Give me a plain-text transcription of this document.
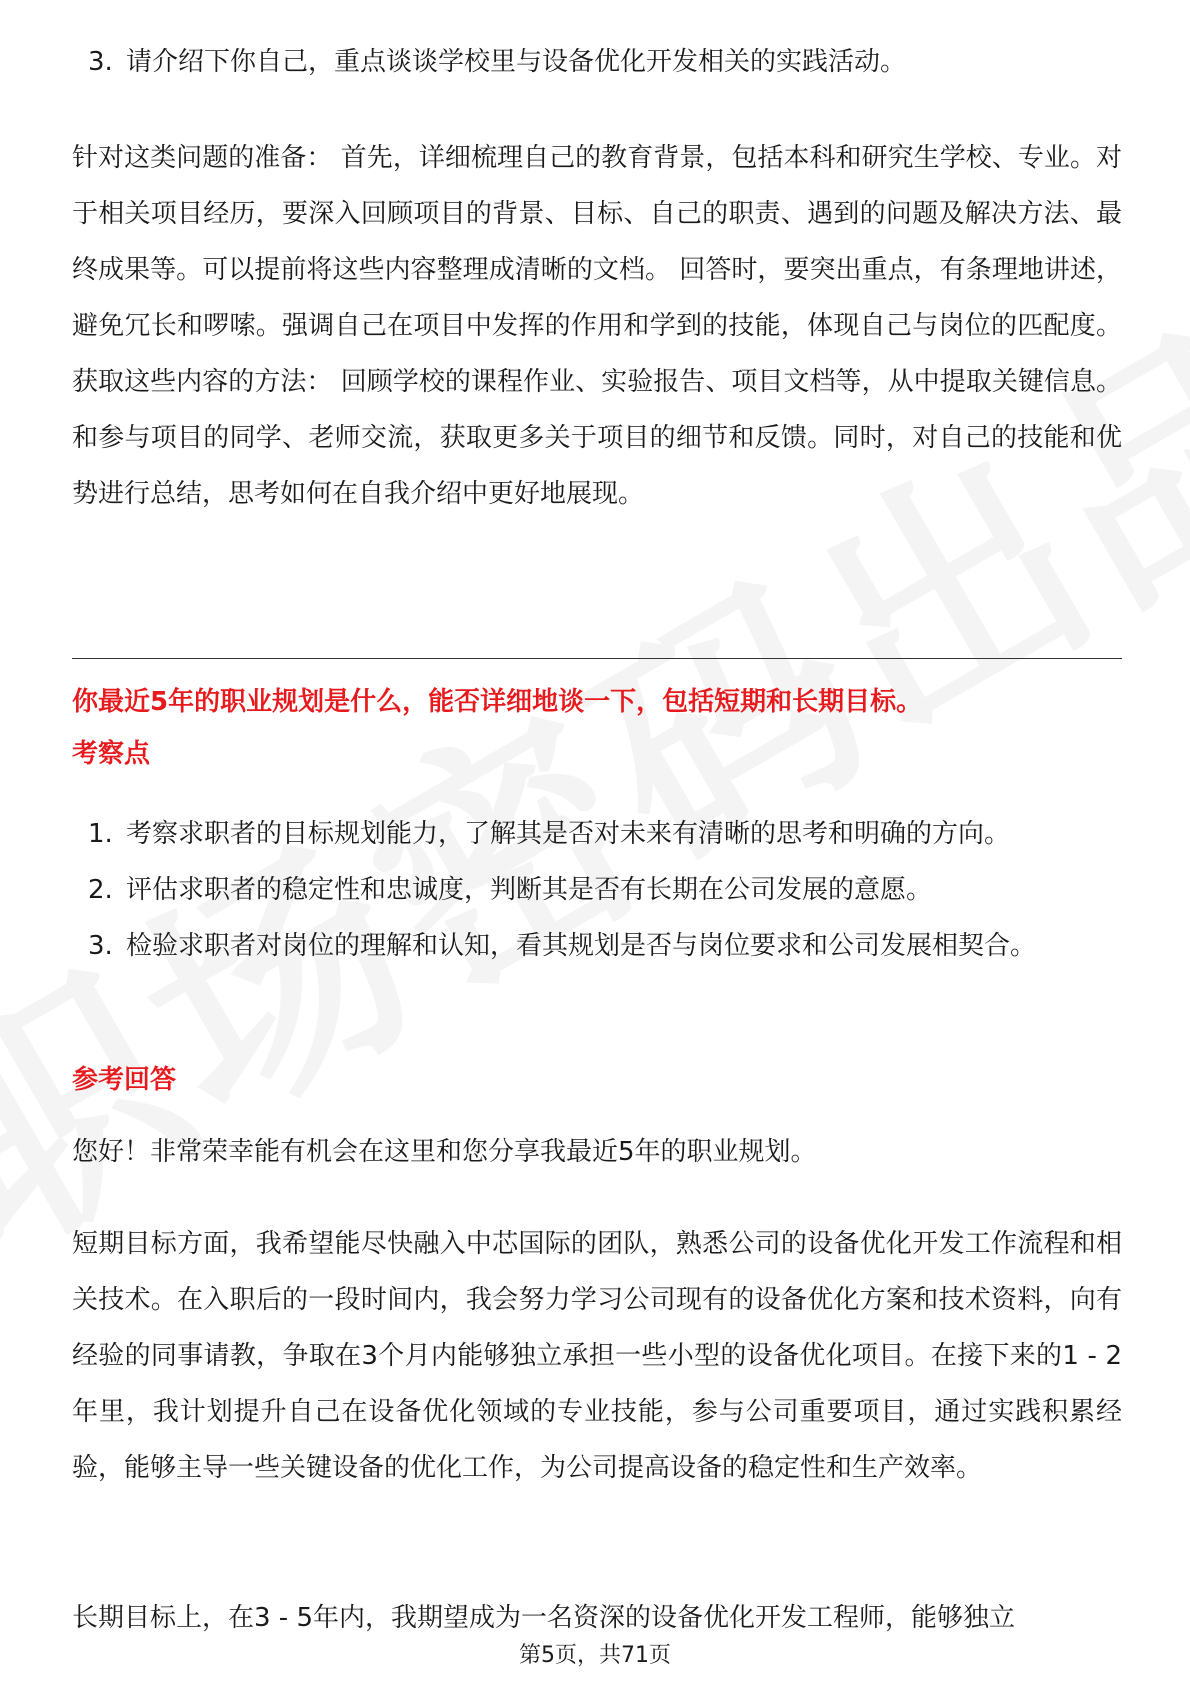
3. 请介绍下你自己，重点谈谈学校里与设备优化开发相关的实践活动。

针对这类问题的准备： 首先，详细梳理自己的教育背景，包括本科和研究生学校、专业。对于相关项目经历，要深入回顾项目的背景、目标、自己的职责、遇到的问题及解决方法、最终成果等。可以提前将这些内容整理成清晰的文档。 回答时，要突出重点，有条理地讲述，避免冗长和啰嗦。强调自己在项目中发挥的作用和学到的技能，体现自己与岗位的匹配度。 获取这些内容的方法： 回顾学校的课程作业、实验报告、项目文档等，从中提取关键信息。和参与项目的同学、老师交流，获取更多关于项目的细节和反馈。同时，对自己的技能和优势进行总结，思考如何在自我介绍中更好地展现。

你最近5年的职业规划是什么，能否详细地谈一下，包括短期和长期目标。

考察点

1. 考察求职者的目标规划能力，了解其是否对未来有清晰的思考和明确的方向。
2. 评估求职者的稳定性和忠诚度，判断其是否有长期在公司发展的意愿。
3. 检验求职者对岗位的理解和认知，看其规划是否与岗位要求和公司发展相契合。

参考回答

您好！非常荣幸能有机会在这里和您分享我最近5年的职业规划。

短期目标方面，我希望能尽快融入中芯国际的团队，熟悉公司的设备优化开发工作流程和相关技术。在入职后的一段时间内，我会努力学习公司现有的设备优化方案和技术资料，向有经验的同事请教，争取在3个月内能够独立承担一些小型的设备优化项目。在接下来的1 - 2年里，我计划提升自己在设备优化领域的专业技能，参与公司重要项目，通过实践积累经验，能够主导一些关键设备的优化工作，为公司提高设备的稳定性和生产效率。

长期目标上，在3 - 5年内，我期望成为一名资深的设备优化开发工程师，能够独立

第5页，共71页
